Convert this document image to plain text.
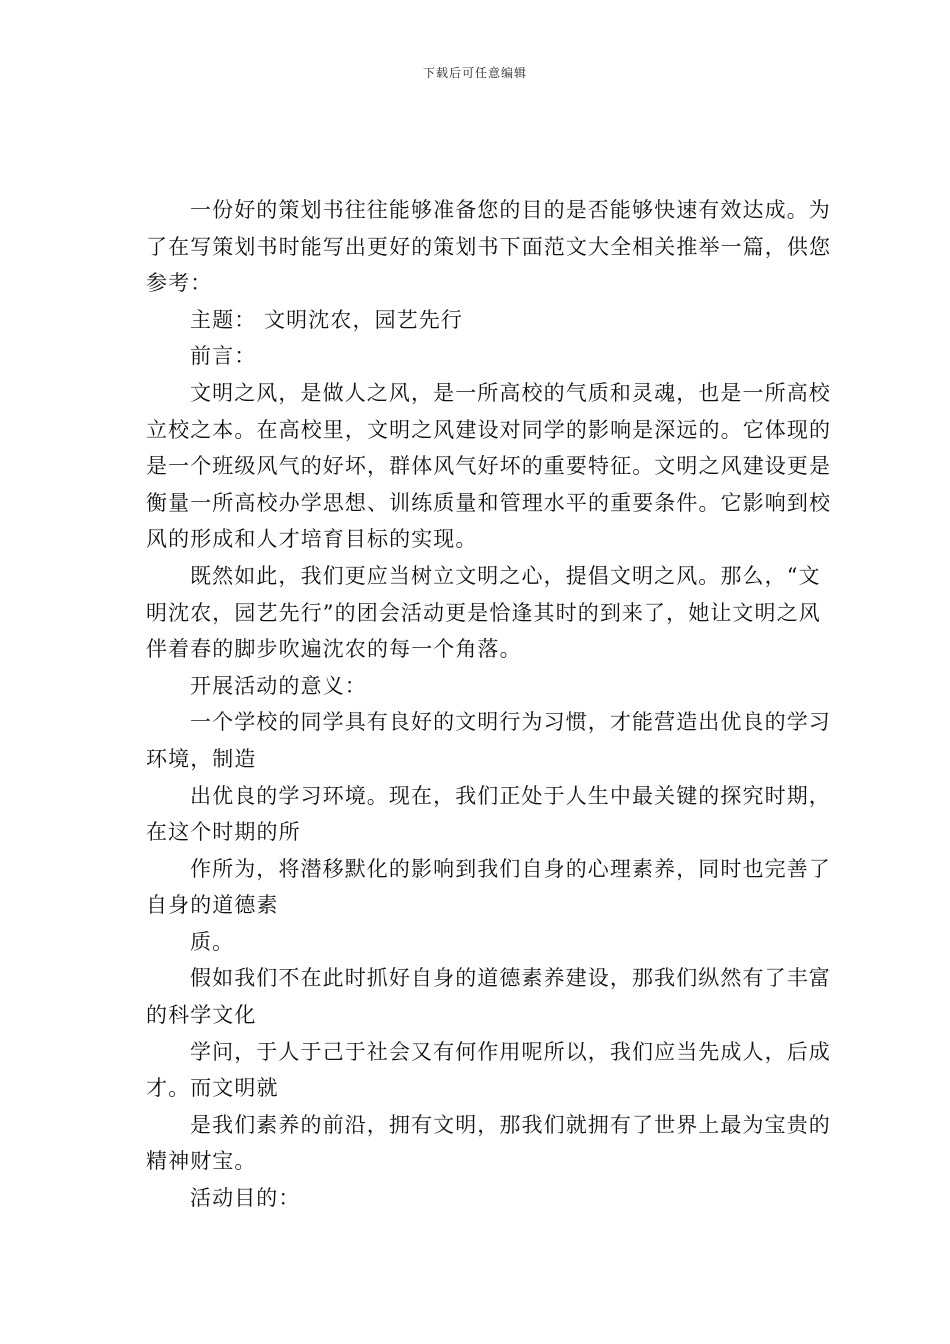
下载后可任意编辑

一份好的策划书往往能够准备您的目的是否能够快速有效达成。为了在写策划书时能写出更好的策划书下面范文大全相关推举一篇，供您参考：

主题： 文明沈农，园艺先行

前言：

文明之风，是做人之风，是一所高校的气质和灵魂，也是一所高校立校之本。在高校里，文明之风建设对同学的影响是深远的。它体现的是一个班级风气的好坏，群体风气好坏的重要特征。文明之风建设更是衡量一所高校办学思想、训练质量和管理水平的重要条件。它影响到校风的形成和人才培育目标的实现。

既然如此，我们更应当树立文明之心，提倡文明之风。那么，“文明沈农，园艺先行”的团会活动更是恰逢其时的到来了，她让文明之风伴着春的脚步吹遍沈农的每一个角落。

开展活动的意义：

一个学校的同学具有良好的文明行为习惯，才能营造出优良的学习环境，制造

出优良的学习环境。现在，我们正处于人生中最关键的探究时期，在这个时期的所

作所为，将潜移默化的影响到我们自身的心理素养，同时也完善了自身的道德素

质。

假如我们不在此时抓好自身的道德素养建设，那我们纵然有了丰富的科学文化

学问，于人于己于社会又有何作用呢所以，我们应当先成人，后成才。而文明就

是我们素养的前沿，拥有文明，那我们就拥有了世界上最为宝贵的精神财宝。

活动目的：
